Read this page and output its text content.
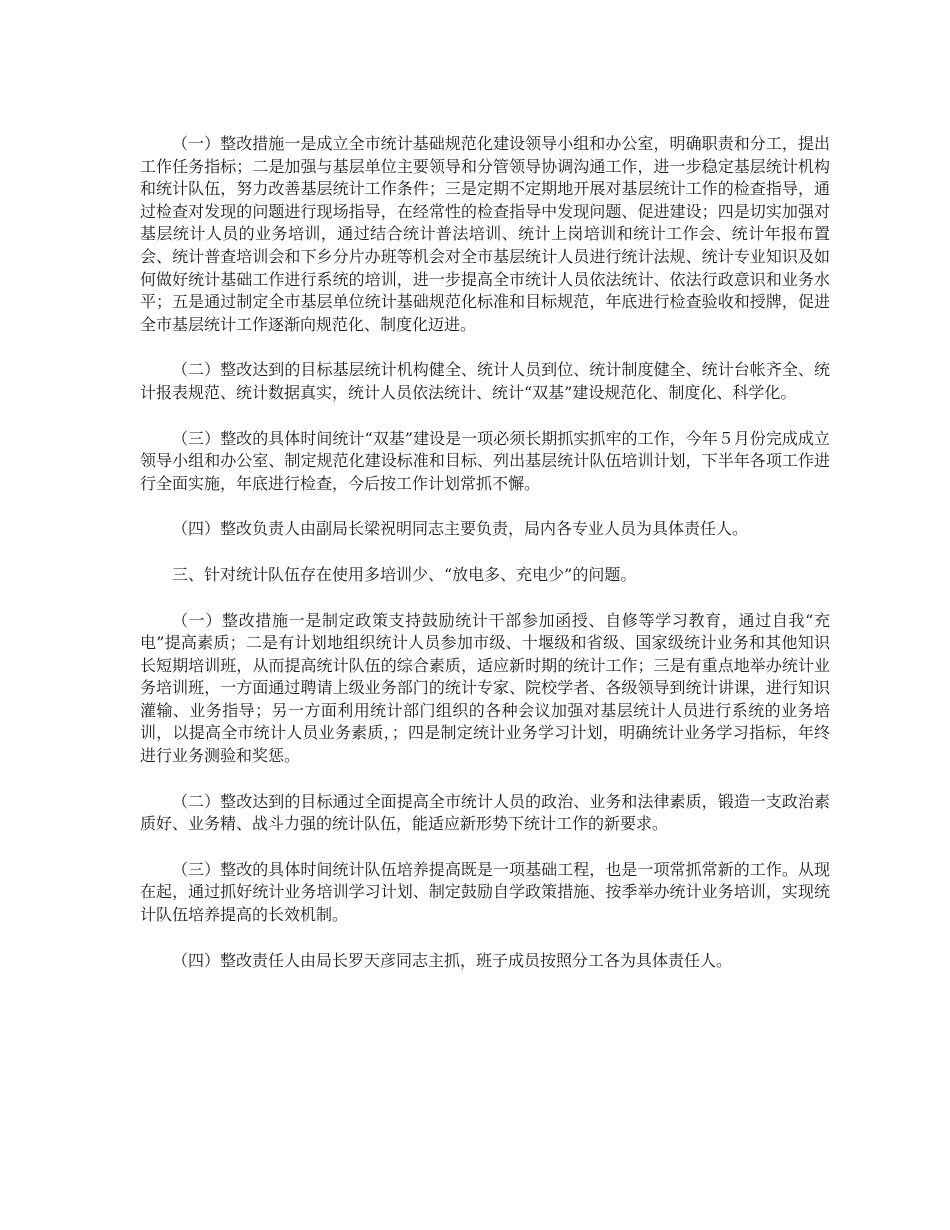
（一）整改措施一是成立全市统计基础规范化建设领导小组和办公室，明确职责和分工，提出工作任务指标；二是加强与基层单位主要领导和分管领导协调沟通工作，进一步稳定基层统计机构和统计队伍，努力改善基层统计工作条件；三是定期不定期地开展对基层统计工作的检查指导，通过检查对发现的问题进行现场指导，在经常性的检查指导中发现问题、促进建设；四是切实加强对基层统计人员的业务培训，通过结合统计普法培训、统计上岗培训和统计工作会、统计年报布置会、统计普查培训会和下乡分片办班等机会对全市基层统计人员进行统计法规、统计专业知识及如何做好统计基础工作进行系统的培训，进一步提高全市统计人员依法统计、依法行政意识和业务水平；五是通过制定全市基层单位统计基础规范化标准和目标规范，年底进行检查验收和授牌，促进全市基层统计工作逐渐向规范化、制度化迈进。

（二）整改达到的目标基层统计机构健全、统计人员到位、统计制度健全、统计台帐齐全、统计报表规范、统计数据真实，统计人员依法统计、统计“双基”建设规范化、制度化、科学化。

（三）整改的具体时间统计“双基”建设是一项必须长期抓实抓牢的工作，今年５月份完成成立领导小组和办公室、制定规范化建设标准和目标、列出基层统计队伍培训计划，下半年各项工作进行全面实施，年底进行检查，今后按工作计划常抓不懈。

（四）整改负责人由副局长梁祝明同志主要负责，局内各专业人员为具体责任人。

三、针对统计队伍存在使用多培训少、“放电多、充电少”的问题。

（一）整改措施一是制定政策支持鼓励统计干部参加函授、自修等学习教育，通过自我“充电”提高素质；二是有计划地组织统计人员参加市级、十堰级和省级、国家级统计业务和其他知识长短期培训班，从而提高统计队伍的综合素质，适应新时期的统计工作；三是有重点地举办统计业务培训班，一方面通过聘请上级业务部门的统计专家、院校学者、各级领导到统计讲课，进行知识灌输、业务指导；另一方面利用统计部门组织的各种会议加强对基层统计人员进行系统的业务培训，以提高全市统计人员业务素质，；四是制定统计业务学习计划，明确统计业务学习指标，年终进行业务测验和奖惩。

（二）整改达到的目标通过全面提高全市统计人员的政治、业务和法律素质，锻造一支政治素质好、业务精、战斗力强的统计队伍，能适应新形势下统计工作的新要求。

（三）整改的具体时间统计队伍培养提高既是一项基础工程，也是一项常抓常新的工作。从现在起，通过抓好统计业务培训学习计划、制定鼓励自学政策措施、按季举办统计业务培训，实现统计队伍培养提高的长效机制。

（四）整改责任人由局长罗天彦同志主抓，班子成员按照分工各为具体责任人。
